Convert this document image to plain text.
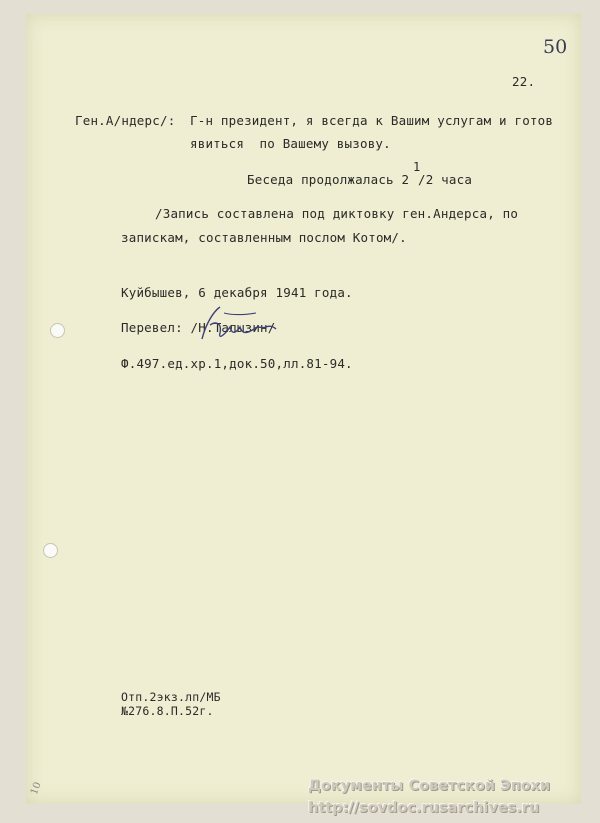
50
22.
Ген.А/ндерс/: Г-н президент, я всегда к Вашим услугам и готов
явиться  по Вашему вызову.
Беседа продолжалась 2
1
/2 часа
/Запись составлена под диктовку ген.Андерса, по
запискам, составленным послом Котом/.
Куйбышев, 6 декабря 1941 года.
Перевел: /Н.Талызин/
Ф.497.ед.хр.1,док.50,лл.81-94.
Отп.2экз.лп/МБ
№276.8.П.52г.
10	Документы Советской Эпохи
http://sovdoc.rusarchives.ru
